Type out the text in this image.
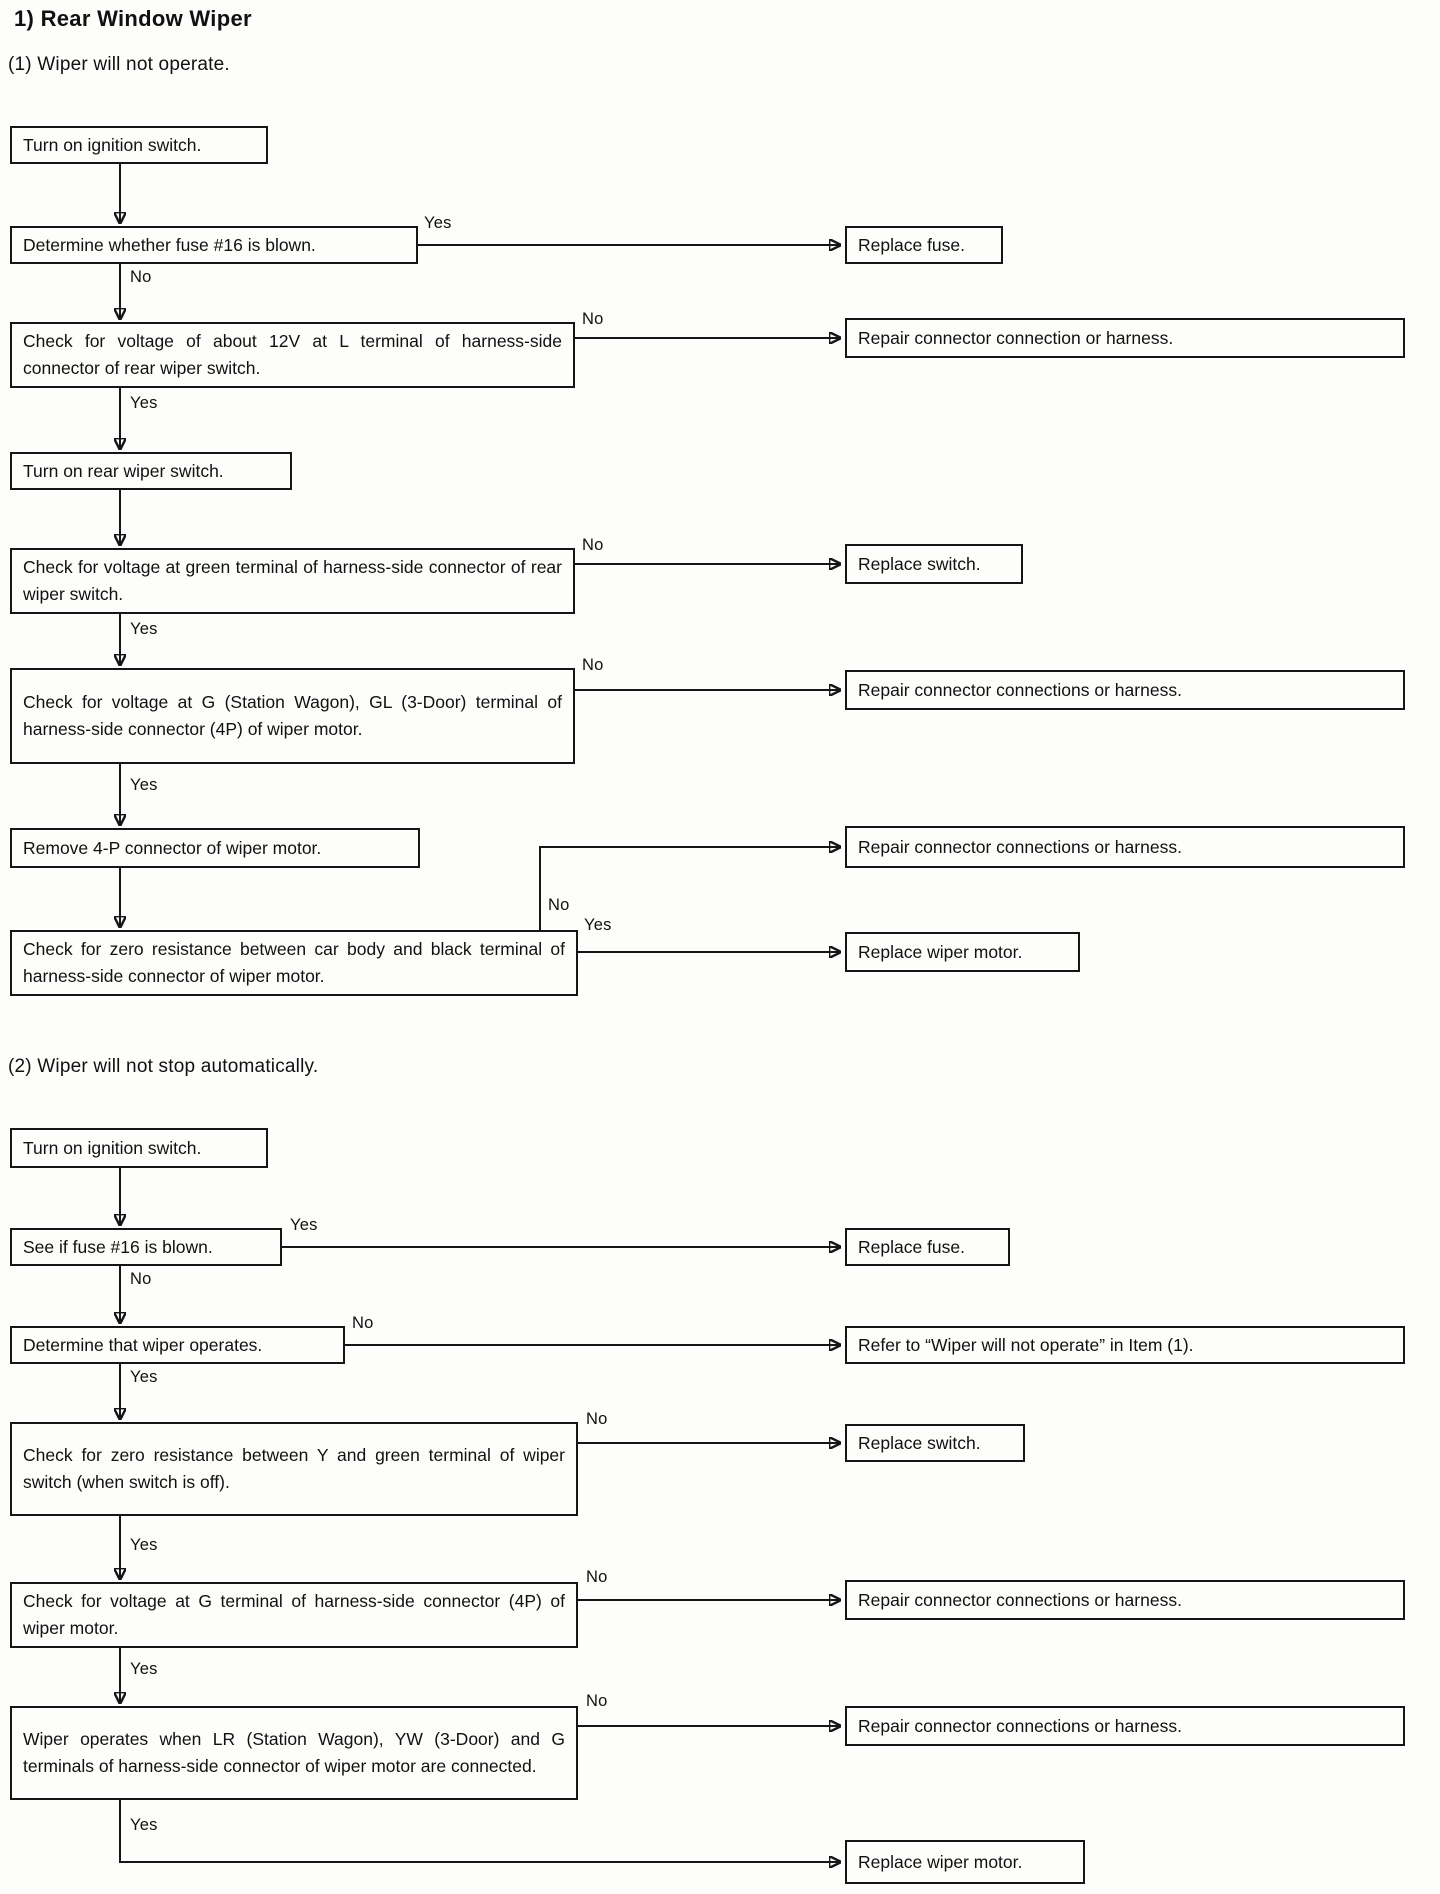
1) Rear Window Wiper
(1) Wiper will not operate.
(2) Wiper will not stop automatically.
Turn on ignition switch.
Determine whether fuse #16 is blown.
Check for voltage of about 12V at L terminal of harness-side connector of rear wiper switch.
Turn on rear wiper switch.
Check for voltage at green terminal of harness-side connector of rear wiper switch.
Check for voltage at G (Station Wagon), GL (3-Door) terminal of harness-side connector (4P) of wiper motor.
Remove 4-P connector of wiper motor.
Check for zero resistance between car body and black terminal of harness-side connector of wiper motor.
Replace fuse.
Repair connector connection or harness.
Replace switch.
Repair connector connections or harness.
Repair connector connections or harness.
Replace wiper motor.
Turn on ignition switch.
See if fuse #16 is blown.
Determine that wiper operates.
Check for zero resistance between Y and green terminal of wiper switch (when switch is off).
Check for voltage at G terminal of harness-side connector (4P) of wiper motor.
Wiper operates when LR (Station Wagon), YW (3-Door) and G terminals of harness-side connector of wiper motor are connected.
Replace fuse.
Refer to “Wiper will not operate” in Item (1).
Replace switch.
Repair connector connections or harness.
Repair connector connections or harness.
Replace wiper motor.
Yes
No
No
Yes
No
Yes
No
Yes
No
Yes
Yes
No
No
Yes
No
Yes
No
Yes
No
Yes
